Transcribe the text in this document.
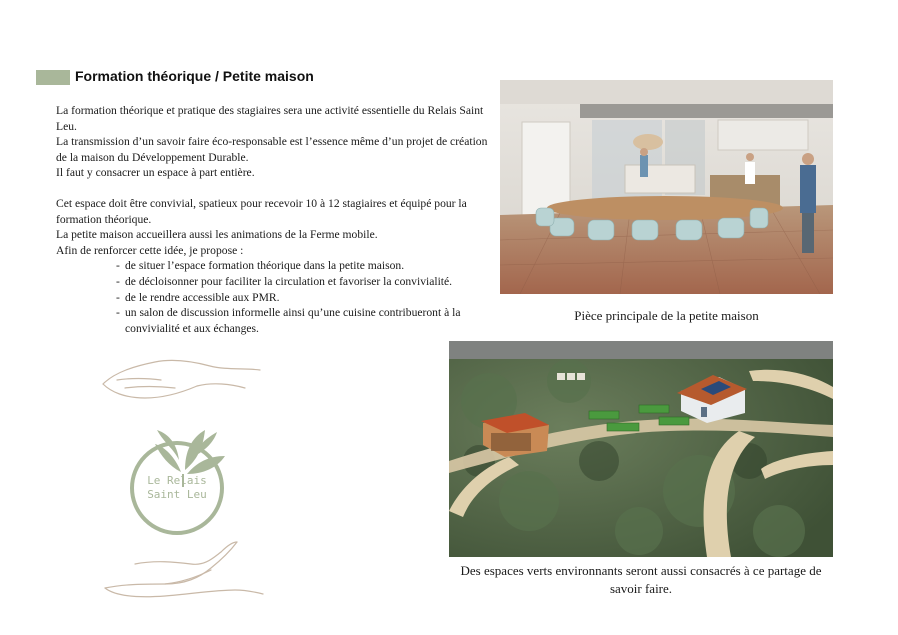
Formation théorique / Petite maison

La formation théorique et pratique des stagiaires sera une activité essentielle du Relais Saint Leu.

La transmission d’un savoir faire éco-responsable est l’essence même d’un projet de création de la maison du Développement Durable.

Il faut y consacrer un espace à part entière.

Cet espace doit être convivial, spatieux pour recevoir 10 à 12 stagiaires et équipé pour la formation théorique.

La petite maison accueillera aussi les animations de la Ferme mobile.

Afin de renforcer cette idée, je propose :

- de situer l’espace formation théorique dans la petite maison.
- de décloisonner pour faciliter la circulation et favoriser la convivialité.
- de le rendre accessible aux PMR.
- un salon de discussion informelle ainsi qu’une cuisine contribueront à la convivialité et aux échanges.
Pièce principale de la petite maison
Le Relais
Saint Leu
Des espaces verts environnants seront aussi consacrés à ce partage de savoir faire.
